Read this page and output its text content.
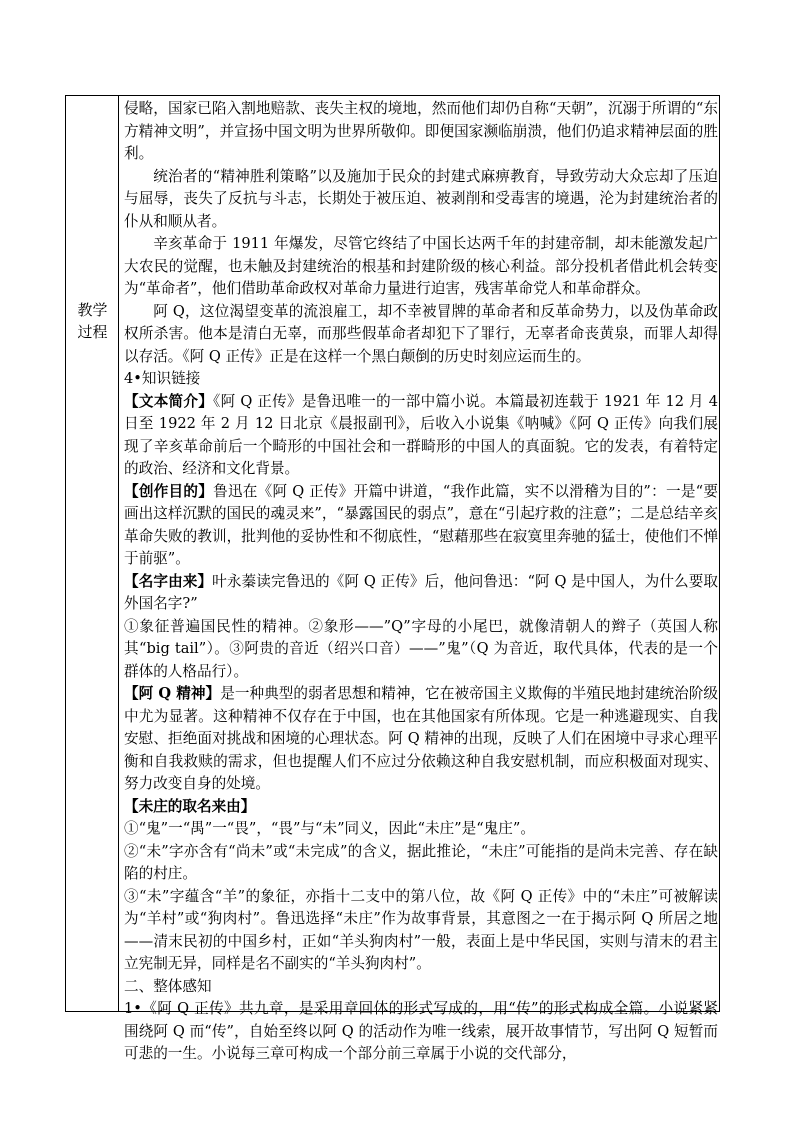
教学
过程

侵略，国家已陷入割地赔款、丧失主权的境地，然而他们却仍自称“天朝”，沉溺于所谓的“东方精神文明”，并宣扬中国文明为世界所敬仰。即便国家濒临崩溃，他们仍追求精神层面的胜利。

统治者的“精神胜利策略”以及施加于民众的封建式麻痹教育，导致劳动大众忘却了压迫与屈辱，丧失了反抗与斗志，长期处于被压迫、被剥削和受毒害的境遇，沦为封建统治者的仆从和顺从者。

辛亥革命于 1911 年爆发，尽管它终结了中国长达两千年的封建帝制，却未能激发起广大农民的觉醒，也未触及封建统治的根基和封建阶级的核心利益。部分投机者借此机会转变为“革命者”，他们借助革命政权对革命力量进行迫害，残害革命党人和革命群众。

阿 Q，这位渴望变革的流浪雇工，却不幸被冒牌的革命者和反革命势力，以及伪革命政权所杀害。他本是清白无辜，而那些假革命者却犯下了罪行，无辜者命丧黄泉，而罪人却得以存活。《阿 Q 正传》正是在这样一个黑白颠倒的历史时刻应运而生的。

4•知识链接

【文本简介】《阿 Q 正传》是鲁迅唯一的一部中篇小说。本篇最初连载于 1921 年 12 月 4 日至 1922 年 2 月 12 日北京《晨报副刊》，后收入小说集《呐喊》《阿 Q 正传》向我们展现了辛亥革命前后一个畸形的中国社会和一群畸形的中国人的真面貌。它的发表，有着特定的政治、经济和文化背景。

【创作目的】鲁迅在《阿 Q 正传》开篇中讲道，“我作此篇，实不以滑稽为目的”：一是“要画出这样沉默的国民的魂灵来”，“暴露国民的弱点”，意在“引起疗救的注意”；二是总结辛亥革命失败的教训，批判他的妥协性和不彻底性，“慰藉那些在寂寞里奔驰的猛士，使他们不惮于前驱”。

【名字由来】叶永蓁读完鲁迅的《阿 Q 正传》后，他问鲁迅：“阿 Q 是中国人，为什么要取外国名字?”

①象征普遍国民性的精神。②象形——”Q”字母的小尾巴，就像清朝人的辫子（英国人称其“big tail”）。③阿贵的音近（绍兴口音）——”鬼”（Q 为音近，取代具体，代表的是一个群体的人格品行）。

【阿 Q 精神】是一种典型的弱者思想和精神，它在被帝国主义欺侮的半殖民地封建统治阶级中尤为显著。这种精神不仅存在于中国，也在其他国家有所体现。它是一种逃避现实、自我安慰、拒绝面对挑战和困境的心理状态。阿 Q 精神的出现，反映了人们在困境中寻求心理平衡和自我救赎的需求，但也提醒人们不应过分依赖这种自我安慰机制，而应积极面对现实、努力改变自身的处境。

【未庄的取名来由】

①“鬼”一“禺”一“畏”，“畏”与“未”同义，因此“未庄”是“鬼庄”。

②“未”字亦含有“尚未”或“未完成”的含义，据此推论，“未庄”可能指的是尚未完善、存在缺陷的村庄。

③“未”字蕴含“羊”的象征，亦指十二支中的第八位，故《阿 Q 正传》中的“未庄”可被解读为“羊村”或“狗肉村”。鲁迅选择“未庄”作为故事背景，其意图之一在于揭示阿 Q 所居之地——清末民初的中国乡村，正如“羊头狗肉村”一般，表面上是中华民国，实则与清末的君主立宪制无异，同样是名不副实的“羊头狗肉村”。

二、整体感知

1•《阿 Q 正传》共九章，是采用章回体的形式写成的，用“传”的形式构成全篇。小说紧紧围绕阿 Q 而“传”，自始至终以阿 Q 的活动作为唯一线索，展开故事情节，写出阿 Q 短暂而可悲的一生。小说每三章可构成一个部分前三章属于小说的交代部分，
